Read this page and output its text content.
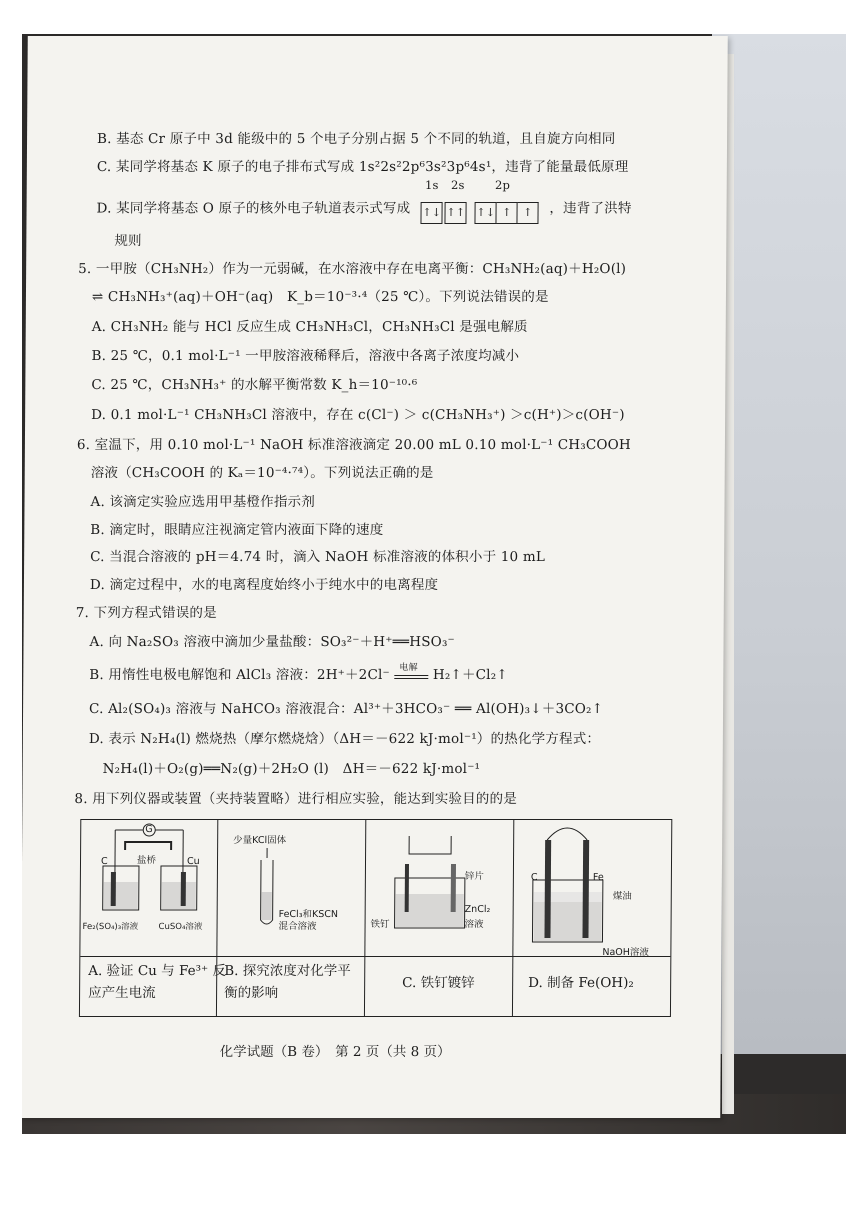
B. 基态 Cr 原子中 3d 能级中的 5 个电子分别占据 5 个不同的轨道，且自旋方向相同
C. 某同学将基态 K 原子的电子排布式写成 1s²2s²2p⁶3s²3p⁶4s¹，违背了能量最低原理
D. 某同学将基态 O 原子的核外电子轨道表示式写成
1s 2s	2p
↑↓ ↑↑ ↑↓ ↑ ↑ ，违背了洪特
规则
5. 一甲胺（CH₃NH₂）作为一元弱碱，在水溶液中存在电离平衡：CH₃NH₂(aq)＋H₂O(l)
⇌ CH₃NH₃⁺(aq)＋OH⁻(aq)　K_b＝10⁻³·⁴（25 ℃）。下列说法错误的是
A. CH₃NH₂ 能与 HCl 反应生成 CH₃NH₃Cl，CH₃NH₃Cl 是强电解质
B. 25 ℃，0.1 mol·L⁻¹ 一甲胺溶液稀释后，溶液中各离子浓度均减小
C. 25 ℃，CH₃NH₃⁺ 的水解平衡常数 K_h＝10⁻¹⁰·⁶
D. 0.1 mol·L⁻¹ CH₃NH₃Cl 溶液中，存在 c(Cl⁻) ＞ c(CH₃NH₃⁺) ＞c(H⁺)＞c(OH⁻)
6. 室温下，用 0.10 mol·L⁻¹ NaOH 标准溶液滴定 20.00 mL 0.10 mol·L⁻¹ CH₃COOH
溶液（CH₃COOH 的 Kₐ＝10⁻⁴·⁷⁴）。下列说法正确的是
A. 该滴定实验应选用甲基橙作指示剂
B. 滴定时，眼睛应注视滴定管内液面下降的速度
C. 当混合溶液的 pH＝4.74 时，滴入 NaOH 标准溶液的体积小于 10 mL
D. 滴定过程中，水的电离程度始终小于纯水中的电离程度
7. 下列方程式错误的是
A. 向 Na₂SO₃ 溶液中滴加少量盐酸：SO₃²⁻＋H⁺══HSO₃⁻
B. 用惰性电极电解饱和 AlCl₃ 溶液：2H⁺＋2Cl⁻ 电解 H₂↑＋Cl₂↑
C. Al₂(SO₄)₃ 溶液与 NaHCO₃ 溶液混合：Al³⁺＋3HCO₃⁻ ══ Al(OH)₃↓＋3CO₂↑
D. 表示 N₂H₄(l) 燃烧热（摩尔燃烧焓）（ΔH＝－622 kJ·mol⁻¹）的热化学方程式：
N₂H₄(l)＋O₂(g)══N₂(g)＋2H₂O (l)　ΔH＝－622 kJ·mol⁻¹
8. 用下列仪器或装置（夹持装置略）进行相应实验，能达到实验目的的是
G
C	Cu
盐桥
Fe₂(SO₄)₃溶液 CuSO₄溶液
少量KCl固体
FeCl₃和KSCN
混合溶液
锌片
铁钉
ZnCl₂
溶液
C	Fe
煤油
NaOH溶液
A. 验证 Cu 与 Fe³⁺ 反
应产生电流
B. 探究浓度对化学平
衡的影响
C. 铁钉镀锌	D. 制备 Fe(OH)₂
化学试题（B 卷）　第 2 页（共 8 页）
